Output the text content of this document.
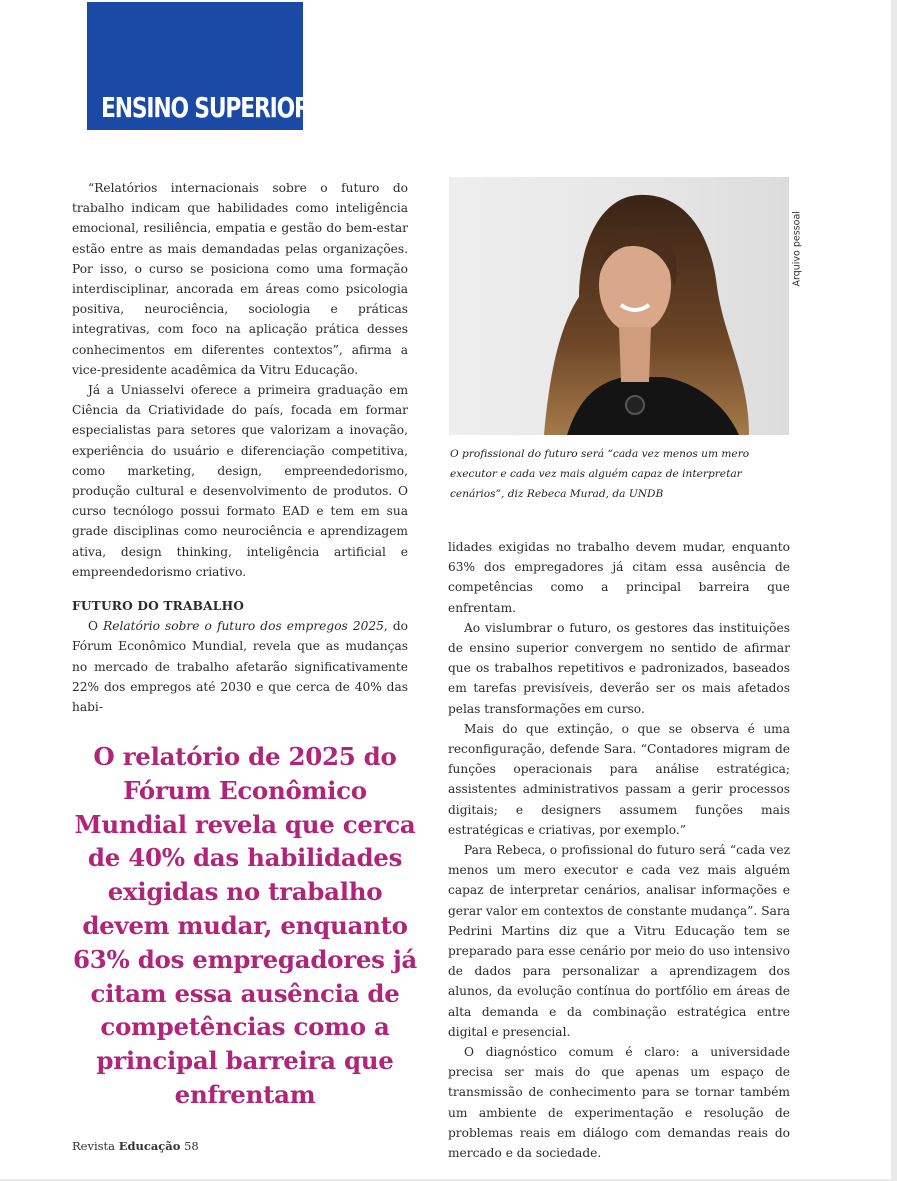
ENSINO SUPERIOR

“Relatórios internacionais sobre o futuro do trabalho indicam que habilidades como inteligência emocional, resiliência, empatia e gestão do bem-estar estão entre as mais demandadas pelas organizações. Por isso, o curso se posiciona como uma formação interdisciplinar, ancorada em áreas como psicologia positiva, neurociência, sociologia e práticas integrativas, com foco na aplicação prática desses conhecimentos em diferentes contextos”, afirma a vice-presidente acadêmica da Vitru Educação.

Já a Uniasselvi oferece a primeira graduação em Ciência da Criatividade do país, focada em formar especialistas para setores que valorizam a inovação, experiência do usuário e diferenciação competitiva, como marketing, design, empreendedorismo, produção cultural e desenvolvimento de produtos. O curso tecnólogo possui formato EAD e tem em sua grade disciplinas como neurociência e aprendizagem ativa, design thinking, inteligência artificial e empreendedorismo criativo.

FUTURO DO TRABALHO

O Relatório sobre o futuro dos empregos 2025, do Fórum Econômico Mundial, revela que as mudanças no mercado de trabalho afetarão significativamente 22% dos empregos até 2030 e que cerca de 40% das habi-

Arquivo pessoal
O profissional do futuro será “cada vez menos um mero executor e cada vez mais alguém capaz de interpretar cenários”, diz Rebeca Murad, da UNDB

lidades exigidas no trabalho devem mudar, enquanto 63% dos empregadores já citam essa ausência de competências como a principal barreira que enfrentam.

Ao vislumbrar o futuro, os gestores das instituições de ensino superior convergem no sentido de afirmar que os trabalhos repetitivos e padronizados, baseados em tarefas previsíveis, deverão ser os mais afetados pelas transformações em curso.

Mais do que extinção, o que se observa é uma reconfiguração, defende Sara. “Contadores migram de funções operacionais para análise estratégica; assistentes administrativos passam a gerir processos digitais; e designers assumem funções mais estratégicas e criativas, por exemplo.”

Para Rebeca, o profissional do futuro será “cada vez menos um mero executor e cada vez mais alguém capaz de interpretar cenários, analisar informações e gerar valor em contextos de constante mudança”. Sara Pedrini Martins diz que a Vitru Educação tem se preparado para esse cenário por meio do uso intensivo de dados para personalizar a aprendizagem dos alunos, da evolução contínua do portfólio em áreas de alta demanda e da combinação estratégica entre digital e presencial.

O diagnóstico comum é claro: a universidade precisa ser mais do que apenas um espaço de transmissão de conhecimento para se tornar também um ambiente de experimentação e resolução de problemas reais em diálogo com demandas reais do mercado e da sociedade.

O relatório de 2025 do Fórum Econômico Mundial revela que cerca de 40% das habilidades exigidas no trabalho devem mudar, enquanto 63% dos empregadores já citam essa ausência de competências como a principal barreira que enfrentam
Revista Educação 58
